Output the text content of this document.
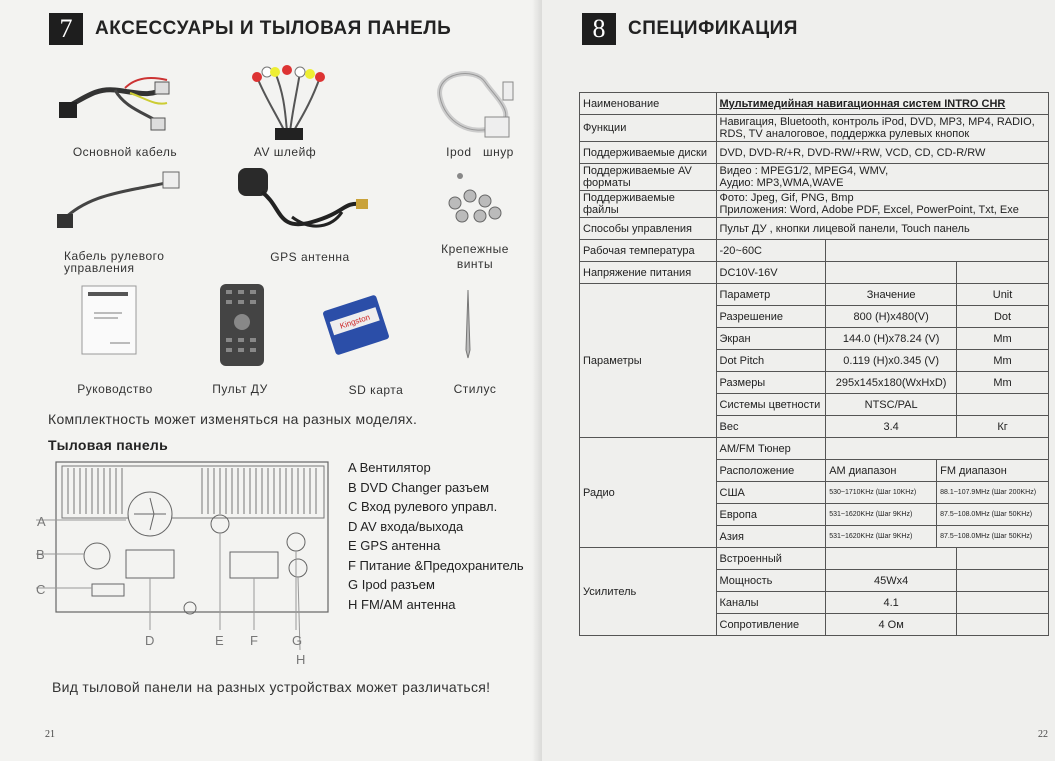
7	АКСЕССУАРЫ И ТЫЛОВАЯ ПАНЕЛЬ
Основной кабель	AV шлейф	Ipod   шнур
Кабель рулевого управления
GPS антенна
Крепежные винты
Руководство	Пульт ДУ
Kingston
SD карта	Стилус
Комплектность может изменяться на разных моделях.
Тыловая панель
A
B
C
D	E F	G
H
A Вентилятор
B DVD Changer разъем
C Вход рулевого управл.
D AV входа/выхода
E GPS антенна
F Питание &Предохранитель
G Ipod разъем
H FM/AM антенна
Вид тыловой панели на разных устройствах может различаться!
21
8	СПЕЦИФИКАЦИЯ
22
Наименование	Мультимедийная навигационная систем INTRO CHR			
Функции	Навигация, Bluetooth, контроль iPod, DVD, MP3, MP4, RADIO, RDS, TV аналоговое, поддержка рулевых кнопок			
Поддерживаемые диски	DVD, DVD-R/+R, DVD-RW/+RW, VCD, CD, CD-R/RW			
Поддерживаемые AV форматы	Видео : MPEG1/2, MPEG4, WMV,
Аудио: MP3,WMA,WAVE			

Поддерживаемые файлы	Фото: Jpeg, Gif, PNG, Bmp
Приложения: Word, Adobe PDF, Excel, PowerPoint, Txt, Exe			

Способы управления	Пульт ДУ , кнопки лицевой панели, Touch панель			
Рабочая температура	-20~60C			
Напряжение питания	DC10V-16V			
Параметры	Параметр	Значение		Unit
	Разрешение	800 (H)x480(V)		Dot
	Экран	144.0 (H)x78.24 (V)		Mm
	Dot Pitch	0.119 (H)x0.345 (V)		Mm
	Размеры	295x145x180(WxHxD)		Mm
	Системы цветности	NTSC/PAL		
	Вес	3.4		Кг
Радио	AM/FM Тюнер			
	Расположение	AM диапазон	FM диапазон	
	США	530~1710KHz (Шаг 10KHz)	88.1~107.9MHz (Шаг 200KHz)	
	Европа	531~1620KHz (Шаг 9KHz)	87.5~108.0MHz (Шаг 50KHz)	
	Азия	531~1620KHz (Шаг 9KHz)	87.5~108.0MHz (Шаг 50KHz)	
Усилитель	Встроенный			
	Мощность	45Wx4		
	Каналы	4.1		
	Сопротивление	4 Ом		
